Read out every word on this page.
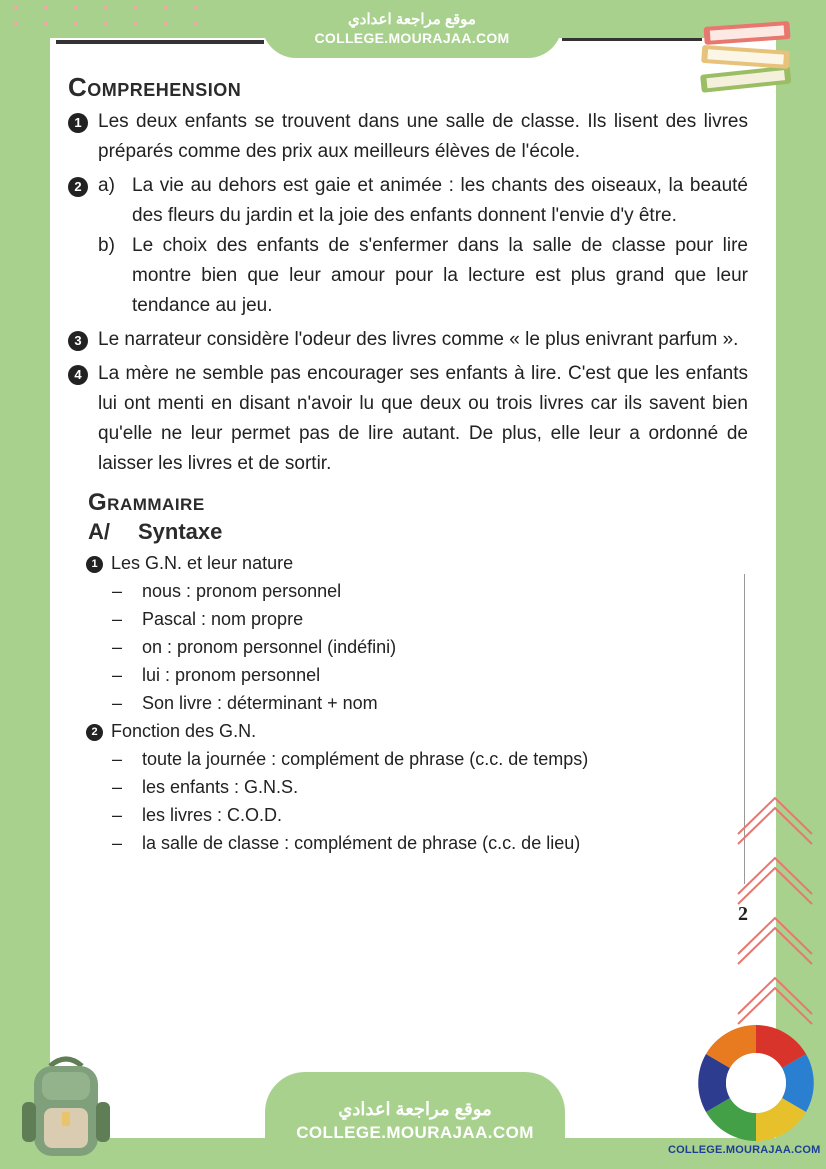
موقع مراجعة اعدادي
COLLEGE.MOURAJAA.COM
Comprehension
1 Les deux enfants se trouvent dans une salle de classe. Ils lisent des livres préparés comme des prix aux meilleurs élèves de l'école.
2 a) La vie au dehors est gaie et animée : les chants des oiseaux, la beauté des fleurs du jardin et la joie des enfants donnent l'envie d'y être.
b) Le choix des enfants de s'enfermer dans la salle de classe pour lire montre bien que leur amour pour la lecture est plus grand que leur tendance au jeu.
3 Le narrateur considère l'odeur des livres comme « le plus enivrant parfum ».
4 La mère ne semble pas encourager ses enfants à lire. C'est que les enfants lui ont menti en disant n'avoir lu que deux ou trois livres car ils savent bien qu'elle ne leur permet pas de lire autant. De plus, elle leur a ordonné de laisser les livres et de sortir.
Grammaire
A/ Syntaxe
1 Les G.N. et leur nature
– nous : pronom personnel
– Pascal : nom propre
– on : pronom personnel (indéfini)
– lui : pronom personnel
– Son livre : déterminant + nom
2 Fonction des G.N.
– toute la journée : complément de phrase (c.c. de temps)
– les enfants : G.N.S.
– les livres : C.O.D.
– la salle de classe : complément de phrase (c.c. de lieu)
2
موقع مراجعة اعدادي
COLLEGE.MOURAJAA.COM
COLLEGE.MOURAJAA.COM
